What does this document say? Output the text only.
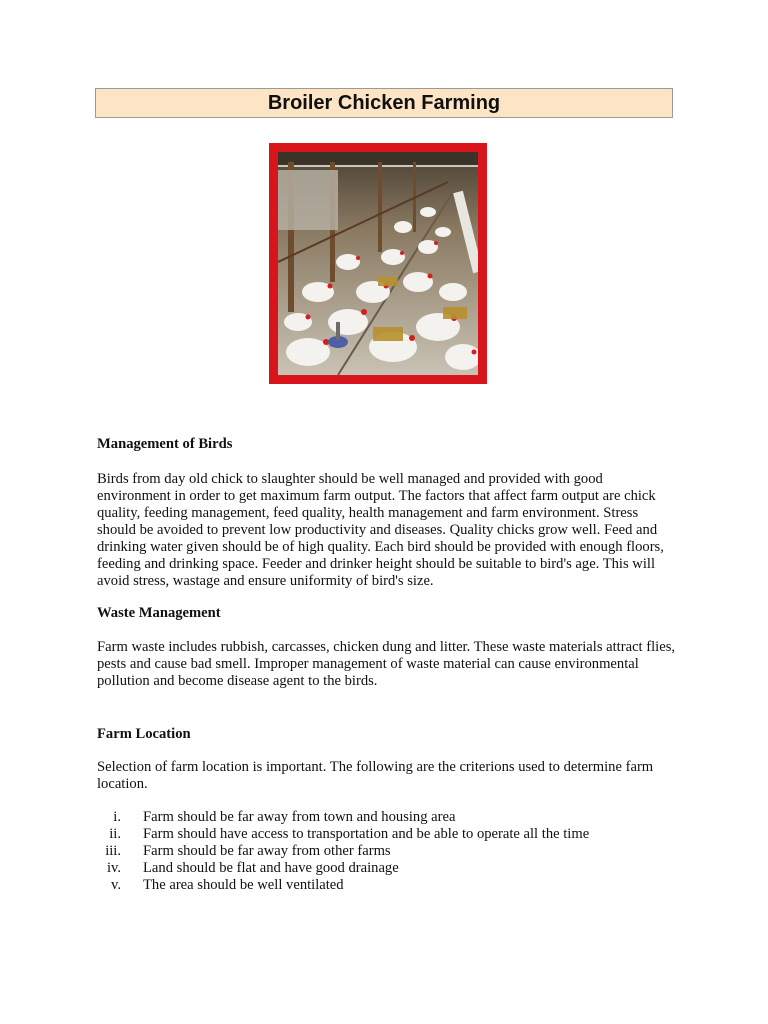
Broiler Chicken Farming
Management of Birds
Birds from day old chick to slaughter should be well managed and provided with good environment in order to get maximum farm output. The factors that affect farm output are chick quality, feeding management, feed quality, health management and farm environment. Stress should be avoided to prevent low productivity and diseases. Quality chicks grow well. Feed and drinking water given should be of high quality. Each bird should be provided with enough floors, feeding and drinking space. Feeder and drinker height should be suitable to bird's age. This will avoid stress, wastage and ensure uniformity of bird's size.
Waste Management
Farm waste includes rubbish, carcasses, chicken dung and litter. These waste materials attract flies, pests and cause bad smell. Improper management of waste material can cause environmental pollution and become disease agent to the birds.
Farm Location
Selection of farm location is important. The following are the criterions used to determine farm location.
i. Farm should be far away from town and housing area
ii. Farm should have access to transportation and be able to operate all the time
iii. Farm should be far away from other farms
iv. Land should be flat and have good drainage
v. The area should be well ventilated
